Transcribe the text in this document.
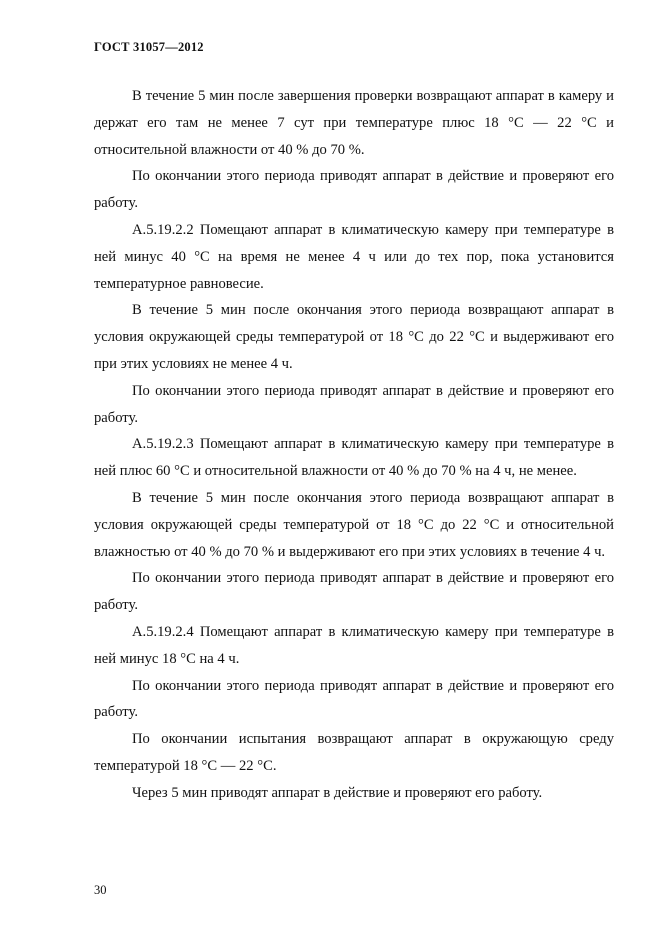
ГОСТ 31057—2012

В течение 5 мин после завершения проверки возвращают аппарат в камеру и держат его там не менее 7 сут при температуре плюс 18 °С — 22 °С и относительной влажности от 40 % до 70 %.

По окончании этого периода приводят аппарат в действие и проверяют его работу.

А.5.19.2.2 Помещают аппарат в климатическую камеру при температуре в ней минус 40 °С на время не менее 4 ч или до тех пор, пока установится температурное равновесие.

В течение 5 мин после окончания этого периода возвращают аппарат в условия окружающей среды температурой от 18 °С до 22 °С и выдерживают его при этих условиях не менее 4 ч.

По окончании этого периода приводят аппарат в действие и проверяют его работу.

А.5.19.2.3 Помещают аппарат в климатическую камеру при температуре в ней плюс 60 °С и относительной влажности от 40 % до 70 % на 4 ч, не менее.

В течение 5 мин после окончания этого периода возвращают аппарат в условия окружающей среды температурой от 18 °С до 22 °С и относительной влажностью от 40 % до 70 % и выдерживают его при этих условиях в течение 4 ч.

По окончании этого периода приводят аппарат в действие и проверяют его работу.

А.5.19.2.4 Помещают аппарат в климатическую камеру при температуре в ней минус 18 °С на 4 ч.

По окончании этого периода приводят аппарат в действие и проверяют его работу.

По окончании испытания возвращают аппарат в окружающую среду температурой 18 °С — 22 °С.

Через 5 мин приводят аппарат в действие и проверяют его работу.

30
